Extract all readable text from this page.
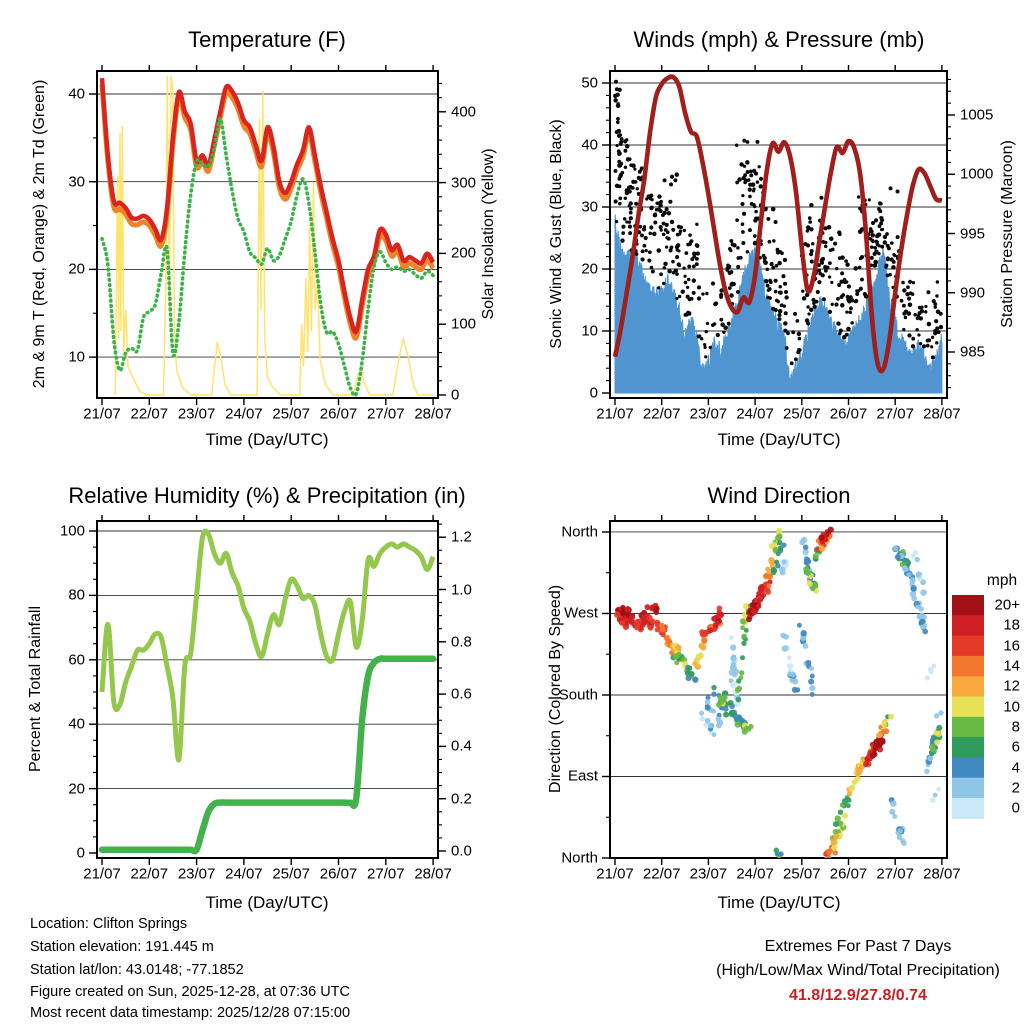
Temperature (F)	Winds (mph) & Pressure (mb)
Relative Humidity (%) & Precipitation (in)	Wind Direction
2m & 9m T (Red, Orange) & 2m Td (Green)	Solar Insolation (Yellow)	Sonic Wind & Gust (Blue, Black)	Station Pressure (Maroon)
Percent & Total Rainfall	Direction (Colored By Speed)
Time (Day/UTC)	Time (Day/UTC)
Time (Day/UTC)	Time (Day/UTC)
mph
Location: Clifton Springs
Station elevation: 191.445 m
Station lat/lon: 43.0148; -77.1852
Figure created on Sun, 2025-12-28, at 07:36 UTC
Most recent data timestamp: 2025/12/28 07:15:00
Extremes For Past 7 Days
(High/Low/Max Wind/Total Precipitation)
41.8/12.9/27.8/0.74
21/07 22/07 23/07 24/07 25/07 26/07 27/07 28/07
10
20
30
40
0
100
200
300
400
21/07 22/07 23/07 24/07 25/07 26/07 27/07 28/07
0
10
20
30
40
50
985
990
995
1000
1005
21/07 22/07 23/07 24/07 25/07 26/07 27/07 28/07
0
20
40
60
80
100
0.0
0.2
0.4
0.6
0.8
1.0
1.2
21/07 22/07 23/07 24/07 25/07 26/07 27/07 28/07
North
West
South
East
North
20+
18
16
14
12
10
8
6
4
2
0
